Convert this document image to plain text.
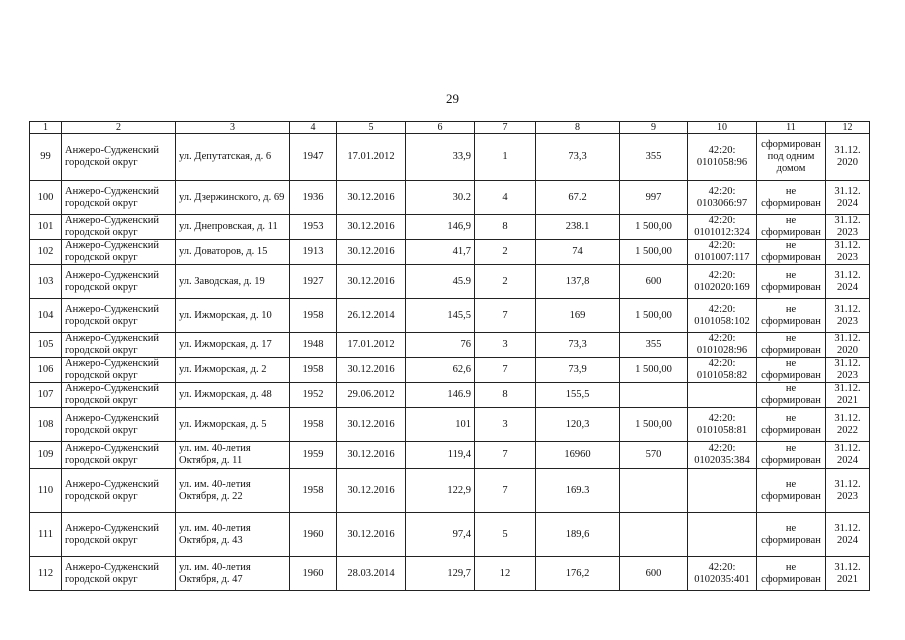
29
1	2	3	4	5	6	7	8	9	10	11	12
99	Анжеро-Судженский городской округ	ул. Депутатская, д. 6	1947	17.01.2012	33,9	1	73,3	355	42:20: 0101058:96	сформирован под одним домом	31.12. 2020
100	Анжеро-Судженский городской округ	ул. Дзержинского, д. 69	1936	30.12.2016	30.2	4	67.2	997	42:20: 0103066:97	не сформирован	31.12. 2024
101	Анжеро-Судженский городской округ	ул. Днепровская, д. 11	1953	30.12.2016	146,9	8	238.1	1 500,00	42:20: 0101012:324	не сформирован	31.12. 2023
102	Анжеро-Судженский городской округ	ул. Доваторов, д. 15	1913	30.12.2016	41,7	2	74	1 500,00	42:20: 0101007:117	не сформирован	31.12. 2023
103	Анжеро-Судженский городской округ	ул. Заводская, д. 19	1927	30.12.2016	45.9	2	137,8	600	42:20: 0102020:169	не сформирован	31.12. 2024
104	Анжеро-Судженский городской округ	ул. Ижморская, д. 10	1958	26.12.2014	145,5	7	169	1 500,00	42:20: 0101058:102	не сформирован	31.12. 2023
105	Анжеро-Судженский городской округ	ул. Ижморская, д. 17	1948	17.01.2012	76	3	73,3	355	42:20: 0101028:96	не сформирован	31.12. 2020
106	Анжеро-Судженский городской округ	ул. Ижморская, д. 2	1958	30.12.2016	62,6	7	73,9	1 500,00	42:20: 0101058:82	не сформирован	31.12. 2023
107	Анжеро-Судженский городской округ	ул. Ижморская, д. 48	1952	29.06.2012	146.9	8	155,5			не сформирован	31.12. 2021
108	Анжеро-Судженский городской округ	ул. Ижморская, д. 5	1958	30.12.2016	101	3	120,3	1 500,00	42:20: 0101058:81	не сформирован	31.12. 2022
109	Анжеро-Судженский городской округ	ул. им. 40-летия Октября, д. 11	1959	30.12.2016	119,4	7	16960	570	42:20: 0102035:384	не сформирован	31.12. 2024
110	Анжеро-Судженский городской округ	ул. им. 40-летия Октября, д. 22	1958	30.12.2016	122,9	7	169.3			не сформирован	31.12. 2023
111	Анжеро-Судженский городской округ	ул. им. 40-летия Октября, д. 43	1960	30.12.2016	97,4	5	189,6			не сформирован	31.12. 2024
112	Анжеро-Судженский городской округ	ул. им. 40-летия Октября, д. 47	1960	28.03.2014	129,7	12	176,2	600	42:20: 0102035:401	не сформирован	31.12. 2021
